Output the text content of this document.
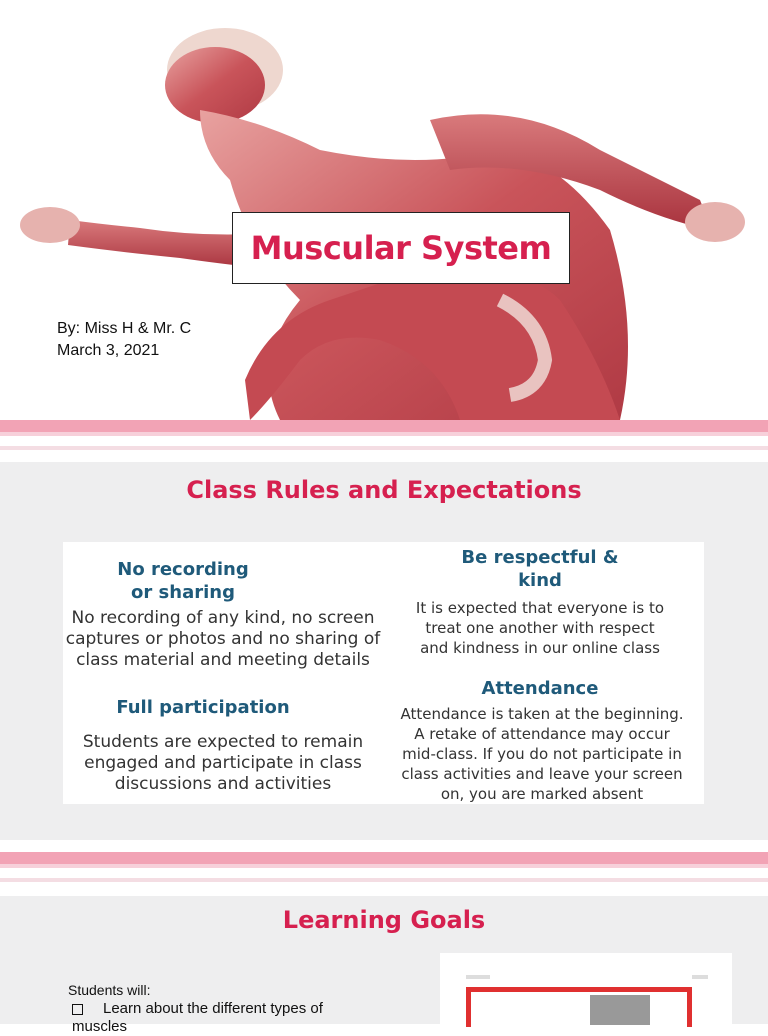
Muscular System
By: Miss H & Mr. C
March 3, 2021
Class Rules and Expectations
No recording
or sharing
No recording of any kind, no screen
captures or photos and no sharing of
class material and meeting details
Be respectful &
kind
It is expected that everyone is to
treat one another with respect
and kindness in our online class
Full participation
Students are expected to remain
engaged and participate in class
discussions and activities
Attendance
Attendance is taken at the beginning.
A retake of attendance may occur
mid-class. If you do not participate in
class activities and leave your screen
on, you are marked absent
Learning Goals
Students will:
Learn about the different types of muscles
